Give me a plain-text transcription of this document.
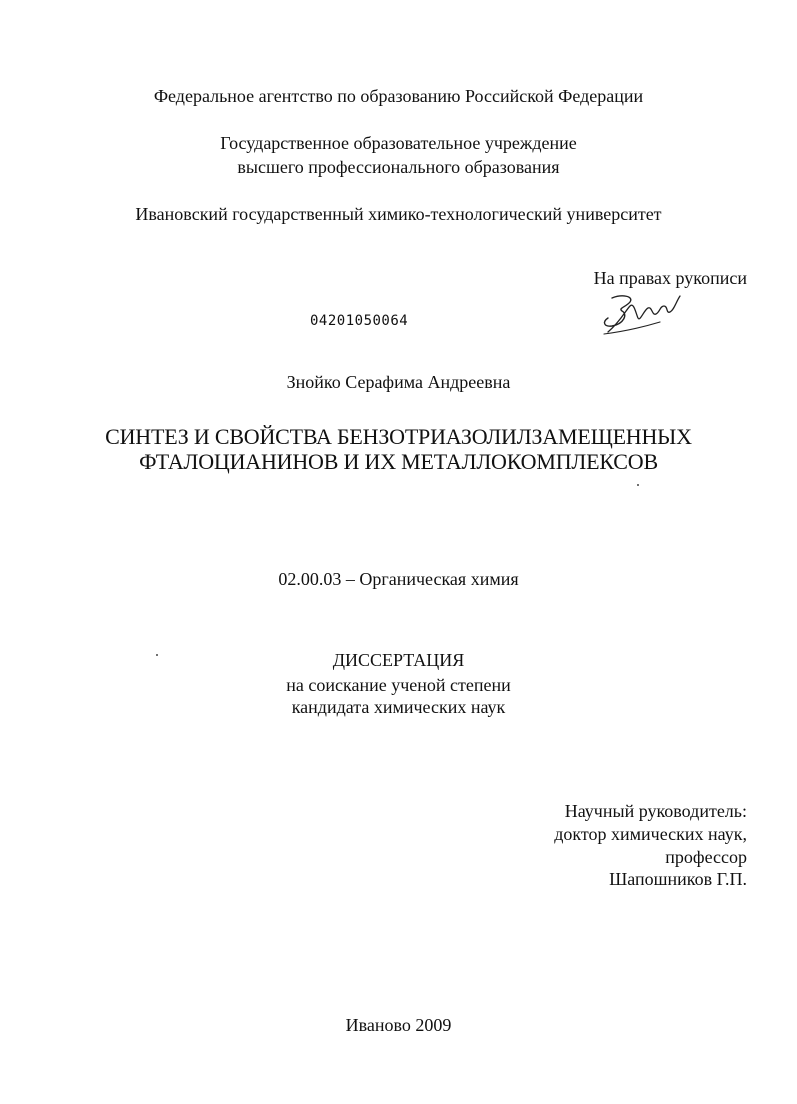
Федеральное агентство по образованию Российской Федерации
Государственное образовательное учреждение
высшего профессионального образования
Ивановский государственный химико-технологический университет
На правах рукописи
04201050064
Знойко Серафима Андреевна
СИНТЕЗ И СВОЙСТВА БЕНЗОТРИАЗОЛИЛЗАМЕЩЕННЫХ
ФТАЛОЦИАНИНОВ И ИХ МЕТАЛЛОКОМПЛЕКСОВ
02.00.03 – Органическая химия
ДИССЕРТАЦИЯ
на соискание ученой степени
кандидата химических наук
Научный руководитель:
доктор химических наук,
профессор
Шапошников Г.П.
Иваново 2009
